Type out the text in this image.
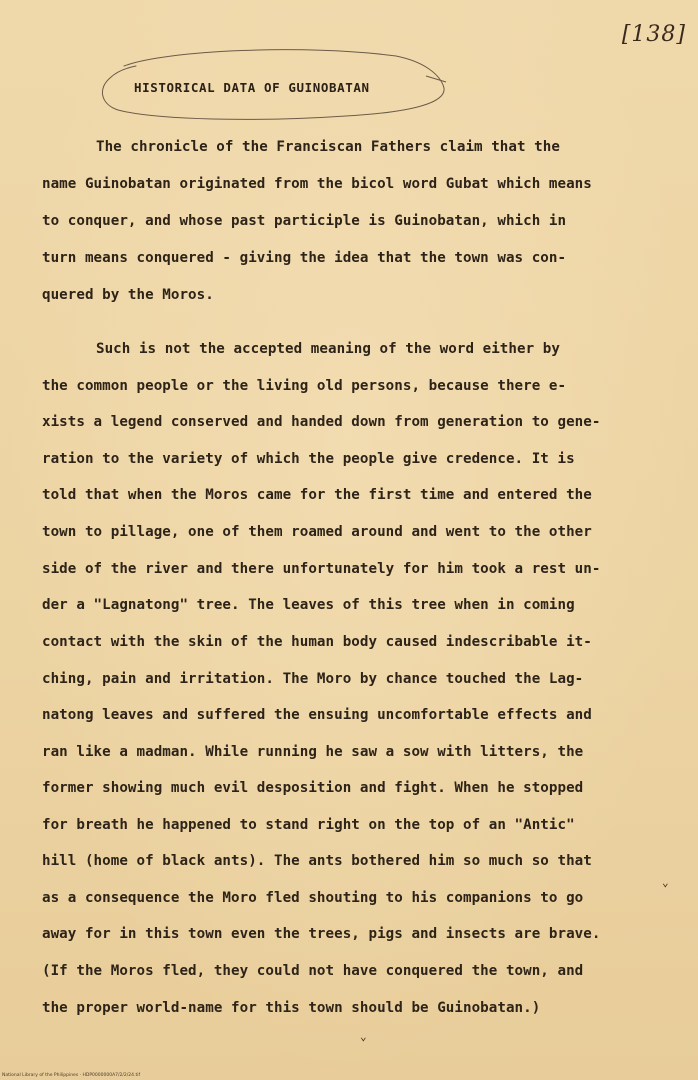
[138]
HISTORICAL DATA OF GUINOBATAN
The chronicle of the Franciscan Fathers claim that the
name Guinobatan originated from the bicol word Gubat which means
to conquer, and whose past participle is Guinobatan, which in
turn means conquered - giving the idea that the town was con-
quered by the Moros.
Such is not the accepted meaning of the word either by
the common people or the living old persons, because there e-
xists a legend conserved and handed down from generation to gene-
ration to the variety of which the people give credence. It is
told that when the Moros came for the first time and entered the
town to pillage, one of them roamed around and went to the other
side of the river and there unfortunately for him took a rest un-
der a "Lagnatong" tree. The leaves of this tree when in coming
contact with the skin of the human body caused indescribable it-
ching, pain and irritation. The Moro by chance touched the Lag-
natong leaves and suffered the ensuing uncomfortable effects and
ran like a madman. While running he saw a sow with litters, the
former showing much evil desposition and fight. When he stopped
for breath he happened to stand right on the top of an "Antic"
hill (home of black ants). The ants bothered him so much so that
as a consequence the Moro fled shouting to his companions to go
away for in this town even the trees, pigs and insects are brave.
(If the Moros fled, they could not have conquered the town, and
the proper world-name for this town should be Guinobatan.)
⌄
⌄
National Library of the Philippines · HDP0000000A7/2/2/24.tif
